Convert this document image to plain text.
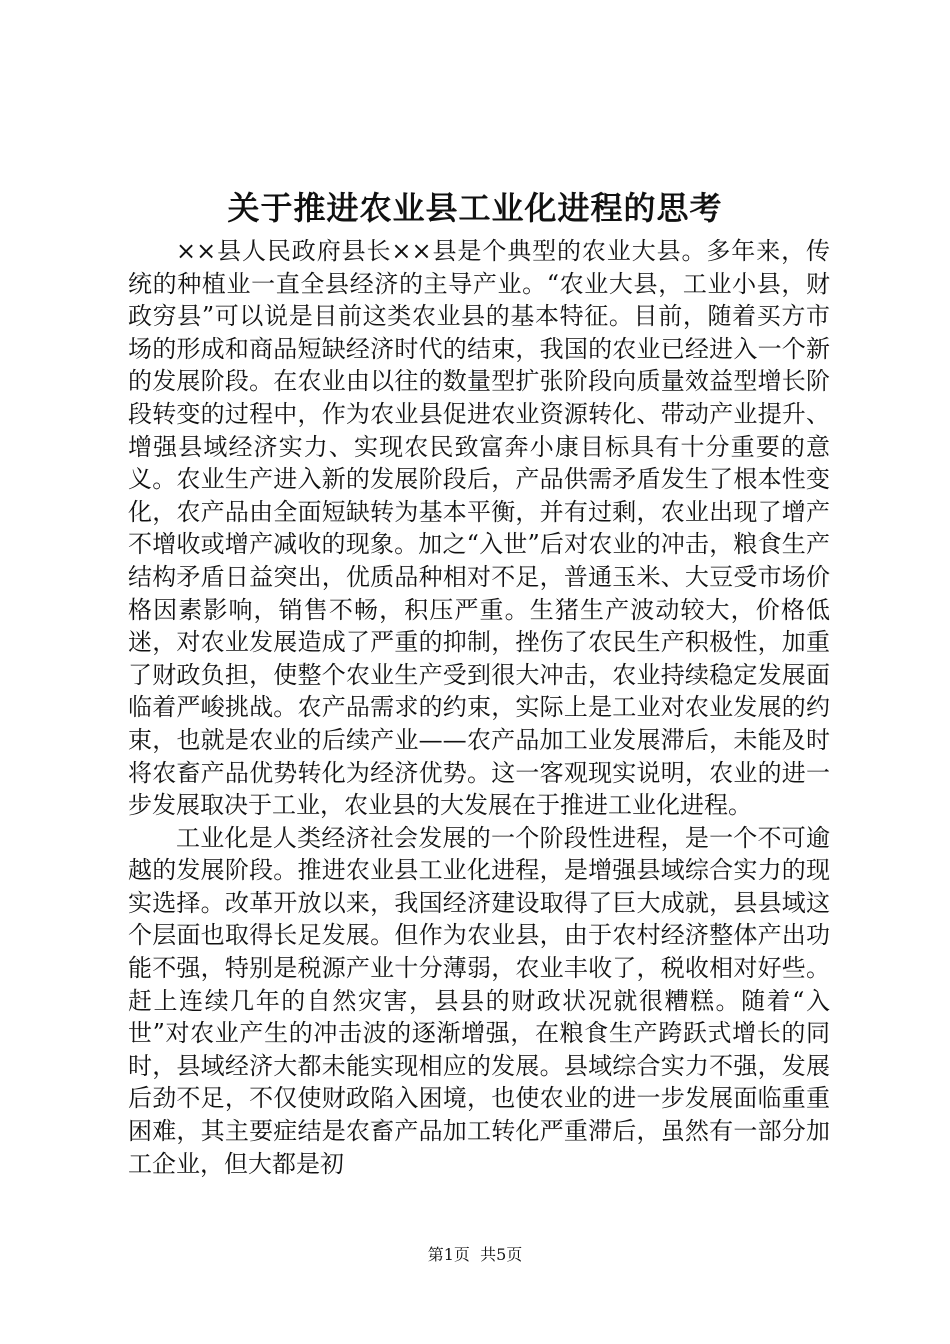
关于推进农业县工业化进程的思考

××县人民政府县长××县是个典型的农业大县。多年来，传统的种植业一直全县经济的主导产业。“农业大县，工业小县，财政穷县”可以说是目前这类农业县的基本特征。目前，随着买方市场的形成和商品短缺经济时代的结束，我国的农业已经进入一个新的发展阶段。在农业由以往的数量型扩张阶段向质量效益型增长阶段转变的过程中，作为农业县促进农业资源转化、带动产业提升、增强县域经济实力、实现农民致富奔小康目标具有十分重要的意义。农业生产进入新的发展阶段后，产品供需矛盾发生了根本性变化，农产品由全面短缺转为基本平衡，并有过剩，农业出现了增产不增收或增产减收的现象。加之“入世”后对农业的冲击，粮食生产结构矛盾日益突出，优质品种相对不足，普通玉米、大豆受市场价格因素影响，销售不畅，积压严重。生猪生产波动较大，价格低迷，对农业发展造成了严重的抑制，挫伤了农民生产积极性，加重了财政负担，使整个农业生产受到很大冲击，农业持续稳定发展面临着严峻挑战。农产品需求的约束，实际上是工业对农业发展的约束，也就是农业的后续产业——农产品加工业发展滞后，未能及时将农畜产品优势转化为经济优势。这一客观现实说明，农业的进一步发展取决于工业，农业县的大发展在于推进工业化进程。

工业化是人类经济社会发展的一个阶段性进程，是一个不可逾越的发展阶段。推进农业县工业化进程，是增强县域综合实力的现实选择。改革开放以来，我国经济建设取得了巨大成就，县县域这个层面也取得长足发展。但作为农业县，由于农村经济整体产出功能不强，特别是税源产业十分薄弱，农业丰收了，税收相对好些。赶上连续几年的自然灾害，县县的财政状况就很糟糕。随着“入世”对农业产生的冲击波的逐渐增强，在粮食生产跨跃式增长的同时，县域经济大都未能实现相应的发展。县域综合实力不强，发展后劲不足，不仅使财政陷入困境，也使农业的进一步发展面临重重困难，其主要症结是农畜产品加工转化严重滞后，虽然有一部分加工企业，但大都是初

第1页  共5页
